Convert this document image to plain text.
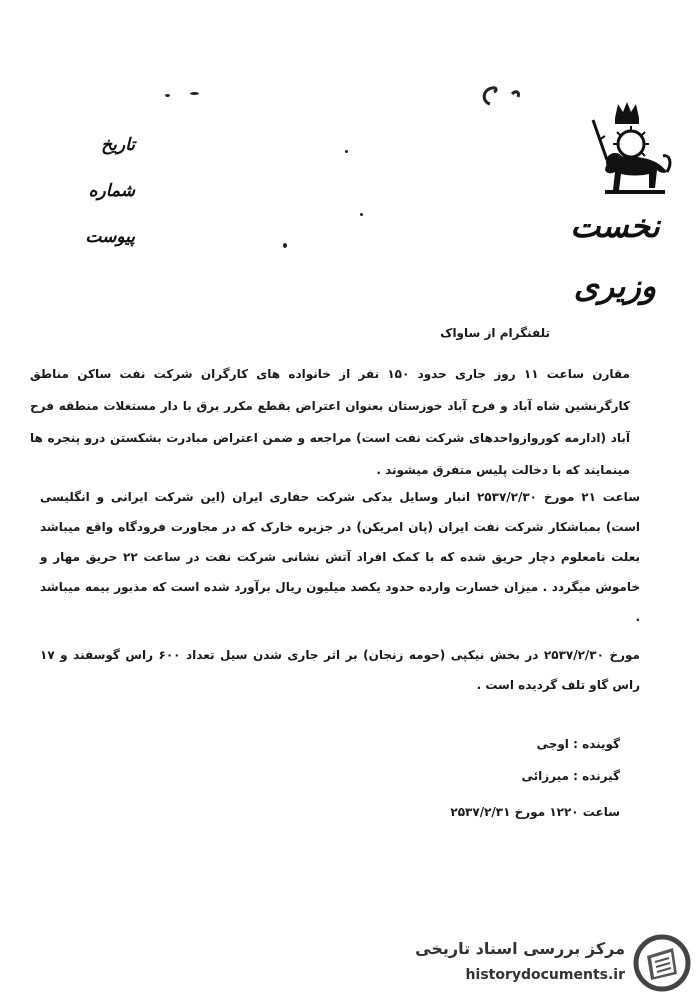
نخست وزیری
تاریخ
شماره
پیوست
تلفنگرام از ساواک
مقارن ساعت ۱۱ روز جاری حدود ۱۵۰ نفر از خانواده های کارگران شرکت نفت ساکن مناطق کارگرنشین شاه آباد و فرح آباد خوزستان بعنوان اعتراض بقطع مکرر برق با دار مستغلات منطقه فرح آباد (ادارمه کوروازواحدهای شرکت نفت است) مراجعه و ضمن اعتراض مبادرت بشکستن درو پنجره ها مینمایند که با دخالت پلیس متفرق میشوند .
ساعت ۲۱ مورخ ۲۵۳۷/۲/۳۰ انبار وسایل یدکی شرکت حفاری ایران (این شرکت ایرانی و انگلیسی است) بمباشکار شرکت نفت ایران (پان امریکن) در جزیره خارک که در مجاورت فرودگاه واقع میباشد بعلت نامعلوم دچار حریق شده که با کمک افراد آتش نشانی شرکت نفت در ساعت ۲۲ حریق مهار و خاموش میگردد . میزان خسارت وارده حدود یکصد میلیون ریال برآورد شده است که مذبور بیمه میباشد .
مورخ ۲۵۳۷/۲/۳۰ در بخش نیکپی (حومه زنجان) بر اثر جاری شدن سیل تعداد ۶۰۰ راس گوسفند و ۱۷ راس گاو تلف گردیده است .
گوینده : اوجی
گیرنده : میرزائی
ساعت ۱۲۲۰ مورخ ۲۵۳۷/۲/۳۱
مرکز بررسی اسناد تاریخی
historydocuments.ir
